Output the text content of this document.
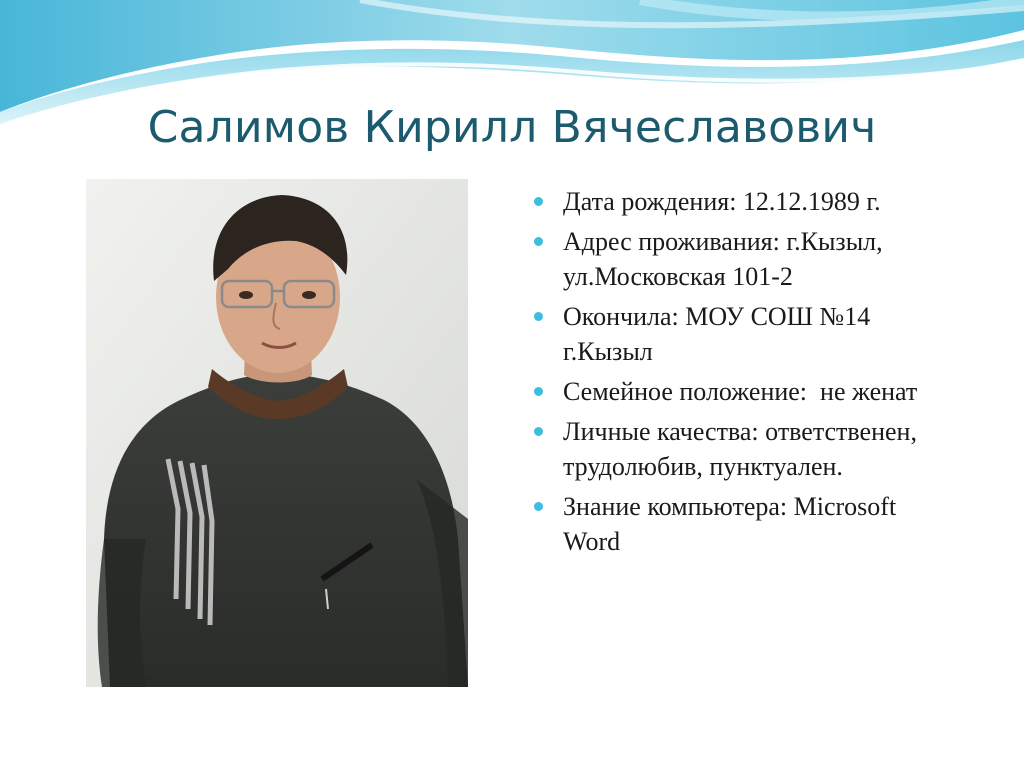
Салимов Кирилл Вячеславович
Дата рождения: 12.12.1989 г.
Адрес проживания: г.Кызыл, ул.Московская 101-2
Окончила: МОУ СОШ №14 г.Кызыл
Семейное положение:  не женат
Личные качества: ответственен, трудолюбив, пунктуален.
Знание компьютера: Microsoft Word
